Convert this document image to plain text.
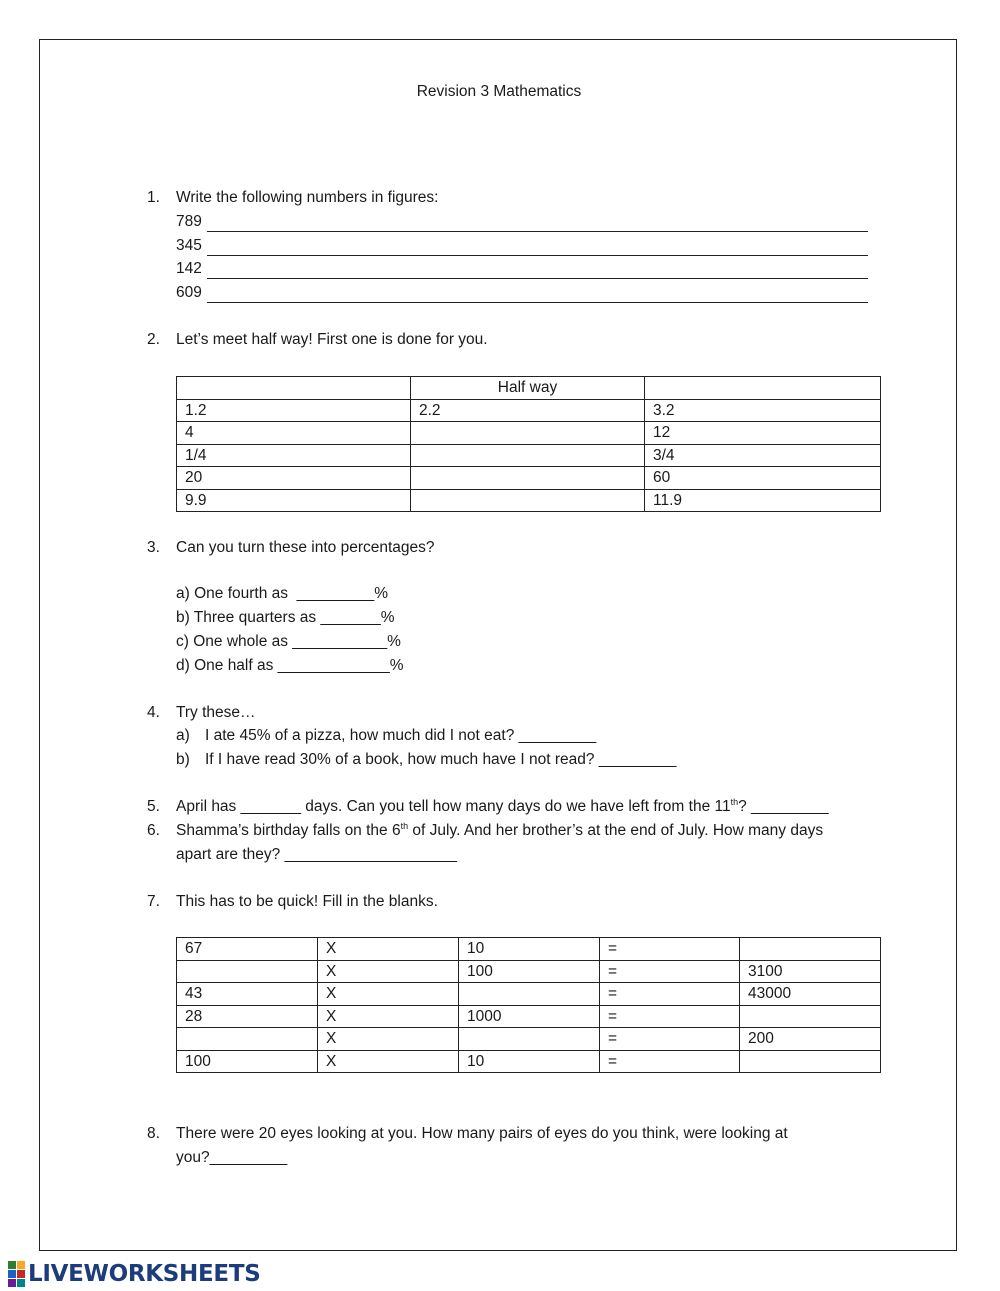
Revision 3 Mathematics
1.	Write the following numbers in figures:
789
345
142
609
2.	Let’s meet half way! First one is done for you.
	Half way	
1.2	2.2	3.2
4		12
1/4		3/4
20		60
9.9		11.9
3.	Can you turn these into percentages?
a) One fourth as  _________%
b) Three quarters as _______%
c) One whole as ___________%
d) One half as _____________%
4.	Try these…
a) I ate 45% of a pizza, how much did I not eat? _________
b) If I have read 30% of a book, how much have I not read? _________
5.	April has _______ days. Can you tell how many days do we have left from the 11th? _________
6.	Shamma’s birthday falls on the 6th of July. And her brother’s at the end of July. How many days
apart are they? ____________________
7.	This has to be quick! Fill in the blanks.
67	X	10	=	
	X	100	=	3100
43	X		=	43000
28	X	1000	=	
	X		=	200
100	X	10	=	
8.	There were 20 eyes looking at you. How many pairs of eyes do you think, were looking at
you?_________
LIVEWORKSHEETS
